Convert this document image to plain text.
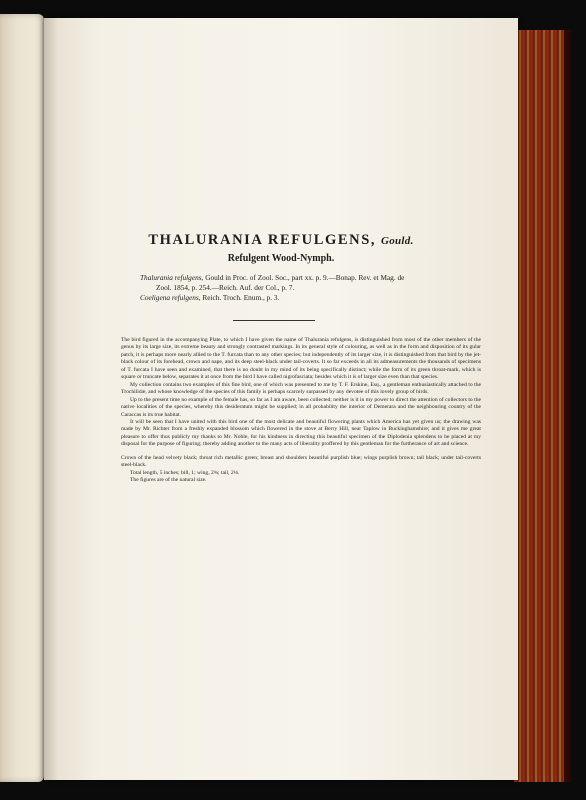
THALURANIA REFULGENS, Gould.
Refulgent Wood-Nymph.

Thalurania refulgens, Gould in Proc. of Zool. Soc., part xx. p. 9.—Bonap. Rev. et Mag. de

Zool. 1854, p. 254.—Reich. Auf. der Col., p. 7.

Coeligena refulgens, Reich. Troch. Enum., p. 3.

The bird figured in the accompanying Plate, to which I have given the name of Thalurania refulgens, is distinguished from most of the other members of the genus by its large size, its extreme beauty and strongly contrasted markings. In its general style of colouring, as well as in the form and disposition of its gular patch, it is perhaps more nearly allied to the T. furcata than to any other species; but independently of its larger size, it is distinguished from that bird by the jet-black colour of its forehead, crown and nape, and its deep steel-black under tail-coverts. It so far exceeds in all its admeasurements the thousands of specimens of T. furcata I have seen and examined, that there is no doubt in my mind of its being specifically distinct; while the form of its green throat-mark, which is square or truncate below, separates it at once from the bird I have called nigrofasciata; besides which it is of larger size even than that species.

My collection contains two examples of this fine bird, one of which was presented to me by T. F. Erskine, Esq., a gentleman enthusiastically attached to the Trochilidæ, and whose knowledge of the species of this family is perhaps scarcely surpassed by any devotee of this lovely group of birds.

Up to the present time no example of the female has, so far as I am aware, been collected; neither is it in my power to direct the attention of collectors to the native localities of the species, whereby this desideratum might be supplied; in all probability the interior of Demerara and the neighbouring country of the Caraccas is its true habitat.

It will be seen that I have united with this bird one of the most delicate and beautiful flowering plants which America has yet given us; the drawing was made by Mr. Richter from a freshly expanded blossom which flowered in the stove at Berry Hill, near Taplow in Buckinghamshire; and it gives me great pleasure to offer thus publicly my thanks to Mr. Noble, for his kindness in directing this beautiful specimen of the Diplodenia splendens to be placed at my disposal for the purpose of figuring; thereby adding another to the many acts of liberality proffered by this gentleman for the furtherance of art and science.

Crown of the head velvety black; throat rich metallic green; breast and shoulders beautiful purplish blue; wings purplish brown; tail black; under tail-coverts steel-black.

Total length, 5 inches; bill, 1; wing, 2¾; tail, 2⅛.

The figures are of the natural size.
